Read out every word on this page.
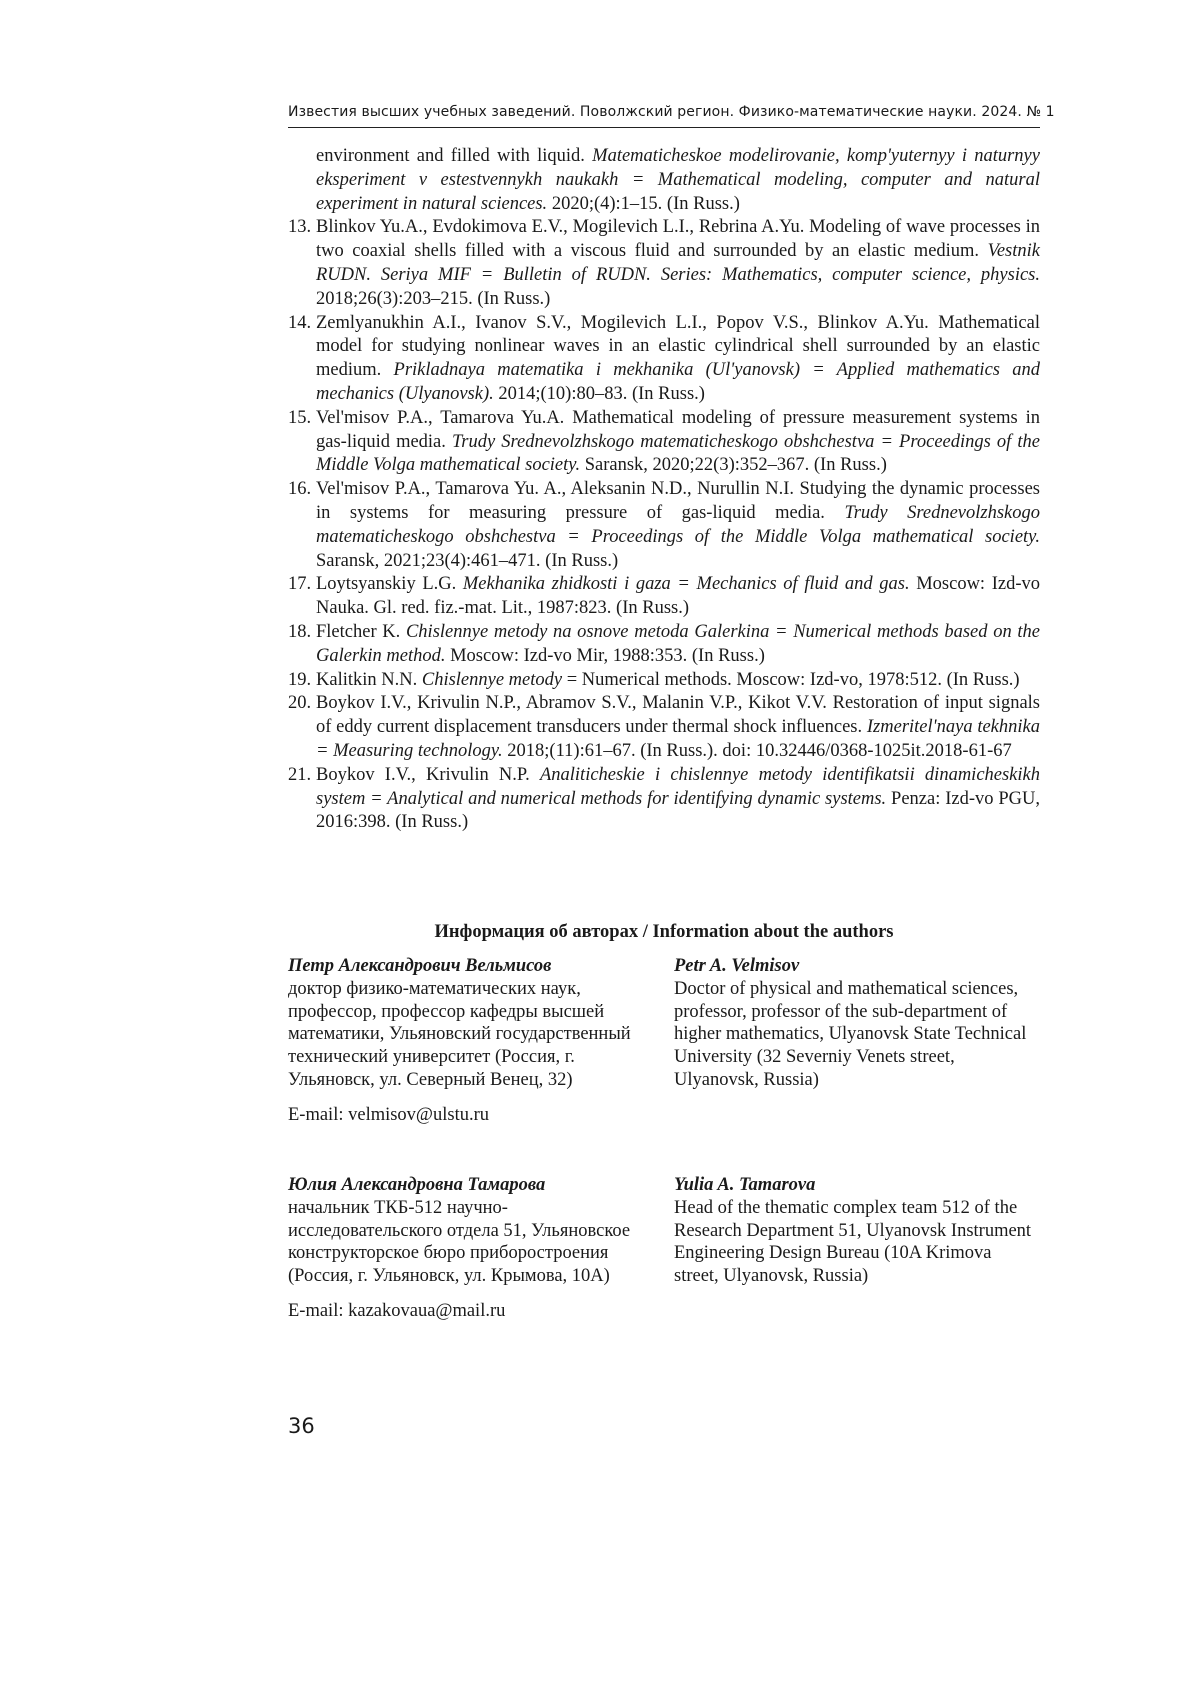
Известия высших учебных заведений. Поволжский регион. Физико-математические науки. 2024. № 1
environment and filled with liquid. Matematicheskoe modelirovanie, komp'yuternyy i naturnyy eksperiment v estestvennykh naukakh = Mathematical modeling, computer and natural experiment in natural sciences. 2020;(4):1–15. (In Russ.)
13. Blinkov Yu.A., Evdokimova E.V., Mogilevich L.I., Rebrina A.Yu. Modeling of wave processes in two coaxial shells filled with a viscous fluid and surrounded by an elastic medium. Vestnik RUDN. Seriya MIF = Bulletin of RUDN. Series: Mathematics, computer science, physics. 2018;26(3):203–215. (In Russ.)
14. Zemlyanukhin A.I., Ivanov S.V., Mogilevich L.I., Popov V.S., Blinkov A.Yu. Mathematical model for studying nonlinear waves in an elastic cylindrical shell surrounded by an elastic medium. Prikladnaya matematika i mekhanika (Ul'yanovsk) = Applied mathematics and mechanics (Ulyanovsk). 2014;(10):80–83. (In Russ.)
15. Vel'misov P.A., Tamarova Yu.A. Mathematical modeling of pressure measurement systems in gas-liquid media. Trudy Srednevolzhskogo matematicheskogo obshchestva = Proceedings of the Middle Volga mathematical society. Saransk, 2020;22(3):352–367. (In Russ.)
16. Vel'misov P.A., Tamarova Yu. A., Aleksanin N.D., Nurullin N.I. Studying the dynamic processes in systems for measuring pressure of gas-liquid media. Trudy Srednevolzhskogo matematicheskogo obshchestva = Proceedings of the Middle Volga mathematical society. Saransk, 2021;23(4):461–471. (In Russ.)
17. Loytsyanskiy L.G. Mekhanika zhidkosti i gaza = Mechanics of fluid and gas. Moscow: Izd-vo Nauka. Gl. red. fiz.-mat. Lit., 1987:823. (In Russ.)
18. Fletcher K. Chislennye metody na osnove metoda Galerkina = Numerical methods based on the Galerkin method. Moscow: Izd-vo Mir, 1988:353. (In Russ.)
19. Kalitkin N.N. Chislennye metody = Numerical methods. Moscow: Izd-vo, 1978:512. (In Russ.)
20. Boykov I.V., Krivulin N.P., Abramov S.V., Malanin V.P., Kikot V.V. Restoration of input signals of eddy current displacement transducers under thermal shock influences. Izmeritel'naya tekhnika = Measuring technology. 2018;(11):61–67. (In Russ.). doi: 10.32446/0368-1025it.2018-61-67
21. Boykov I.V., Krivulin N.P. Analiticheskie i chislennye metody identifikatsii dinamicheskikh system = Analytical and numerical methods for identifying dynamic systems. Penza: Izd-vo PGU, 2016:398. (In Russ.)
Информация об авторах / Information about the authors
Петр Александрович Вельмисов
доктор физико-математических наук, профессор, профессор кафедры высшей математики, Ульяновский государственный технический университет (Россия, г. Ульяновск, ул. Северный Венец, 32)
E-mail: velmisov@ulstu.ru
Petr A. Velmisov
Doctor of physical and mathematical sciences, professor, professor of the sub-department of higher mathematics, Ulyanovsk State Technical University (32 Severniy Venets street, Ulyanovsk, Russia)
Юлия Александровна Тамарова
начальник ТКБ-512 научно-исследовательского отдела 51, Ульяновское конструкторское бюро приборостроения (Россия, г. Ульяновск, ул. Крымова, 10А)
E-mail: kazakovaua@mail.ru
Yulia A. Tamarova
Head of the thematic complex team 512 of the Research Department 51, Ulyanovsk Instrument Engineering Design Bureau (10A Krimova street, Ulyanovsk, Russia)
36
